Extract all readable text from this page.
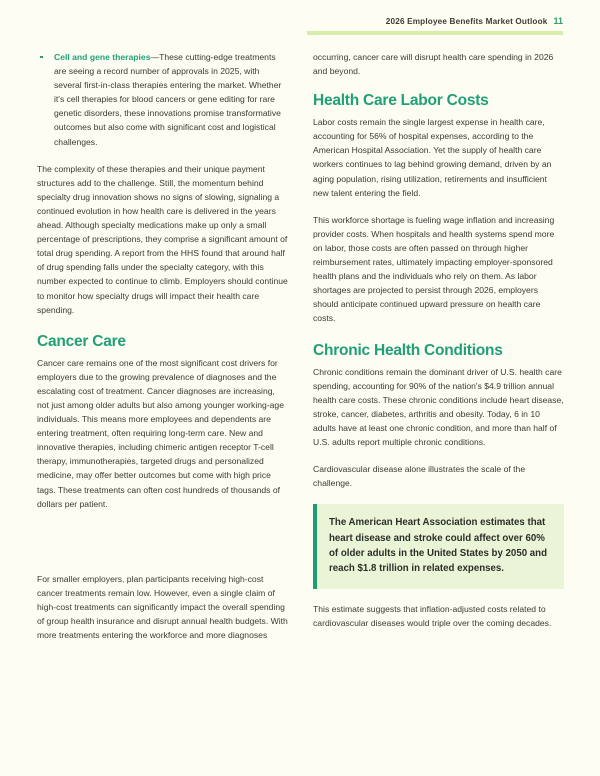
2026 Employee Benefits Market Outlook 11
Cell and gene therapies—These cutting-edge treatments are seeing a record number of approvals in 2025, with several first-in-class therapies entering the market. Whether it's cell therapies for blood cancers or gene editing for rare genetic disorders, these innovations promise transformative outcomes but also come with significant cost and logistical challenges.

The complexity of these therapies and their unique payment structures add to the challenge. Still, the momentum behind specialty drug innovation shows no signs of slowing, signaling a continued evolution in how health care is delivered in the years ahead. Although specialty medications make up only a small percentage of prescriptions, they comprise a significant amount of total drug spending. A report from the HHS found that around half of drug spending falls under the specialty category, with this number expected to continue to climb. Employers should continue to monitor how specialty drugs will impact their health care spending.

Cancer Care

Cancer care remains one of the most significant cost drivers for employers due to the growing prevalence of diagnoses and the escalating cost of treatment. Cancer diagnoses are increasing, not just among older adults but also among younger working-age individuals. This means more employees and dependents are entering treatment, often requiring long-term care. New and innovative therapies, including chimeric antigen receptor T-cell therapy, immunotherapies, targeted drugs and personalized medicine, may offer better outcomes but come with high price tags. These treatments can often cost hundreds of thousands of dollars per patient.

For smaller employers, plan participants receiving high-cost cancer treatments remain low. However, even a single claim of high-cost treatments can significantly impact the overall spending of group health insurance and disrupt annual health budgets. With more treatments entering the workforce and more diagnoses

occurring, cancer care will disrupt health care spending in 2026 and beyond.

Health Care Labor Costs

Labor costs remain the single largest expense in health care, accounting for 56% of hospital expenses, according to the American Hospital Association. Yet the supply of health care workers continues to lag behind growing demand, driven by an aging population, rising utilization, retirements and insufficient new talent entering the field.

This workforce shortage is fueling wage inflation and increasing provider costs. When hospitals and health systems spend more on labor, those costs are often passed on through higher reimbursement rates, ultimately impacting employer-sponsored health plans and the individuals who rely on them. As labor shortages are projected to persist through 2026, employers should anticipate continued upward pressure on health care costs.

Chronic Health Conditions

Chronic conditions remain the dominant driver of U.S. health care spending, accounting for 90% of the nation's $4.9 trillion annual health care costs. These chronic conditions include heart disease, stroke, cancer, diabetes, arthritis and obesity. Today, 6 in 10 adults have at least one chronic condition, and more than half of U.S. adults report multiple chronic conditions.

Cardiovascular disease alone illustrates the scale of the challenge.

The American Heart Association estimates that heart disease and stroke could affect over 60% of older adults in the United States by 2050 and reach $1.8 trillion in related expenses.

This estimate suggests that inflation-adjusted costs related to cardiovascular diseases would triple over the coming decades.
